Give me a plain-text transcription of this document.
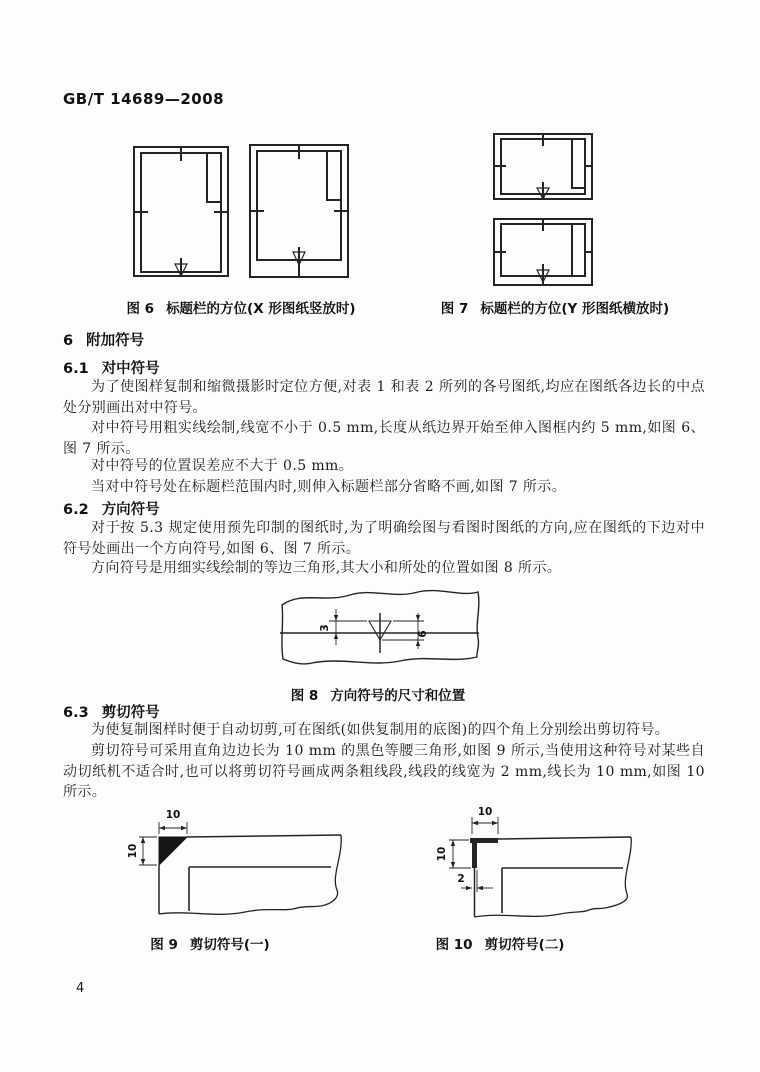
GB/T 14689—2008
图 6 标题栏的方位(X 形图纸竖放时)	图 7 标题栏的方位(Y 形图纸横放时)
6 附加符号
6.1 对中符号
为了使图样复制和缩微摄影时定位方便,对表 1 和表 2 所列的各号图纸,均应在图纸各边长的中点处分别画出对中符号。
对中符号用粗实线绘制,线宽不小于 0.5 mm,长度从纸边界开始至伸入图框内约 5 mm,如图 6、图 7 所示。
对中符号的位置误差应不大于 0.5 mm。
当对中符号处在标题栏范围内时,则伸入标题栏部分省略不画,如图 7 所示。
6.2 方向符号
对于按 5.3 规定使用预先印制的图纸时,为了明确绘图与看图时图纸的方向,应在图纸的下边对中符号处画出一个方向符号,如图 6、图 7 所示。
方向符号是用细实线绘制的等边三角形,其大小和所处的位置如图 8 所示。
3
6
图 8 方向符号的尺寸和位置
6.3 剪切符号
为使复制图样时便于自动切剪,可在图纸(如供复制用的底图)的四个角上分别绘出剪切符号。
剪切符号可采用直角边边长为 10 mm 的黑色等腰三角形,如图 9 所示,当使用这种符号对某些自动切纸机不适合时,也可以将剪切符号画成两条粗线段,线段的线宽为 2 mm,线长为 10 mm,如图 10 所示。
10
10
10
10
2
图 9 剪切符号(一)	图 10 剪切符号(二)
4
